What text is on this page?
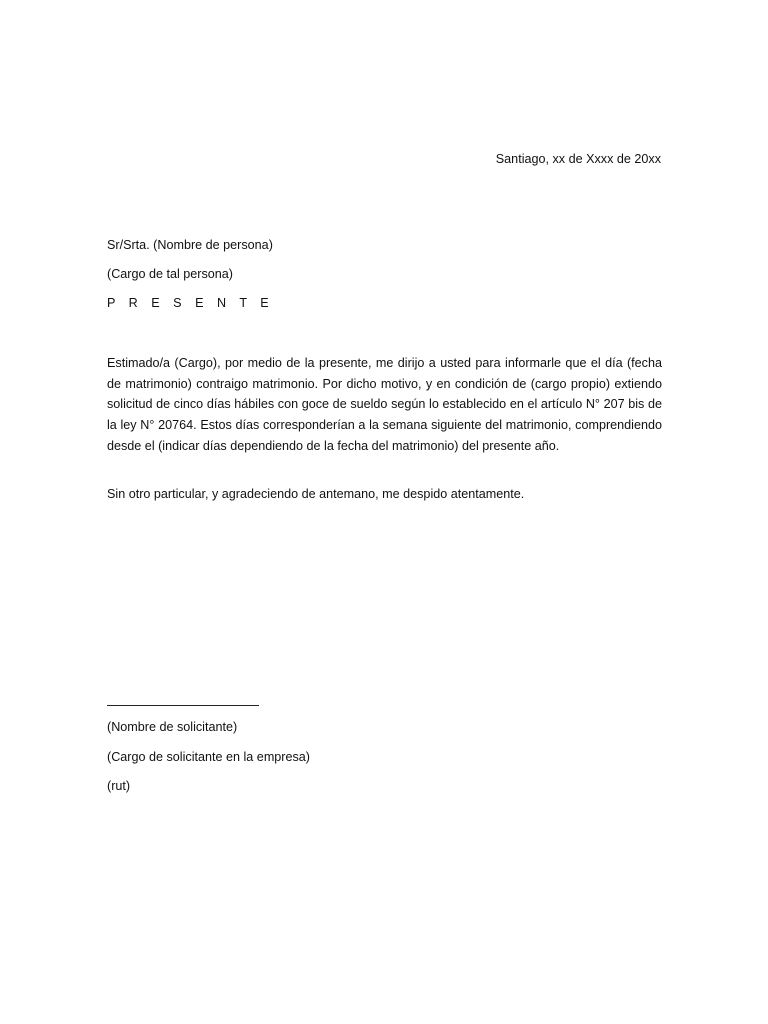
Santiago, xx de Xxxx de 20xx
Sr/Srta. (Nombre de persona)
(Cargo de tal persona)
P R E S E N T E

Estimado/a (Cargo), por medio de la presente, me dirijo a usted para informarle que el día (fecha de matrimonio) contraigo matrimonio. Por dicho motivo, y en condición de (cargo propio) extiendo solicitud de cinco días hábiles con goce de sueldo según lo establecido en el artículo N° 207 bis de la ley N° 20764. Estos días corresponderían a la semana siguiente del matrimonio, comprendiendo desde el (indicar días dependiendo de la fecha del matrimonio) del presente año.

Sin otro particular, y agradeciendo de antemano, me despido atentamente.
(Nombre de solicitante)
(Cargo de solicitante en la empresa)
(rut)
